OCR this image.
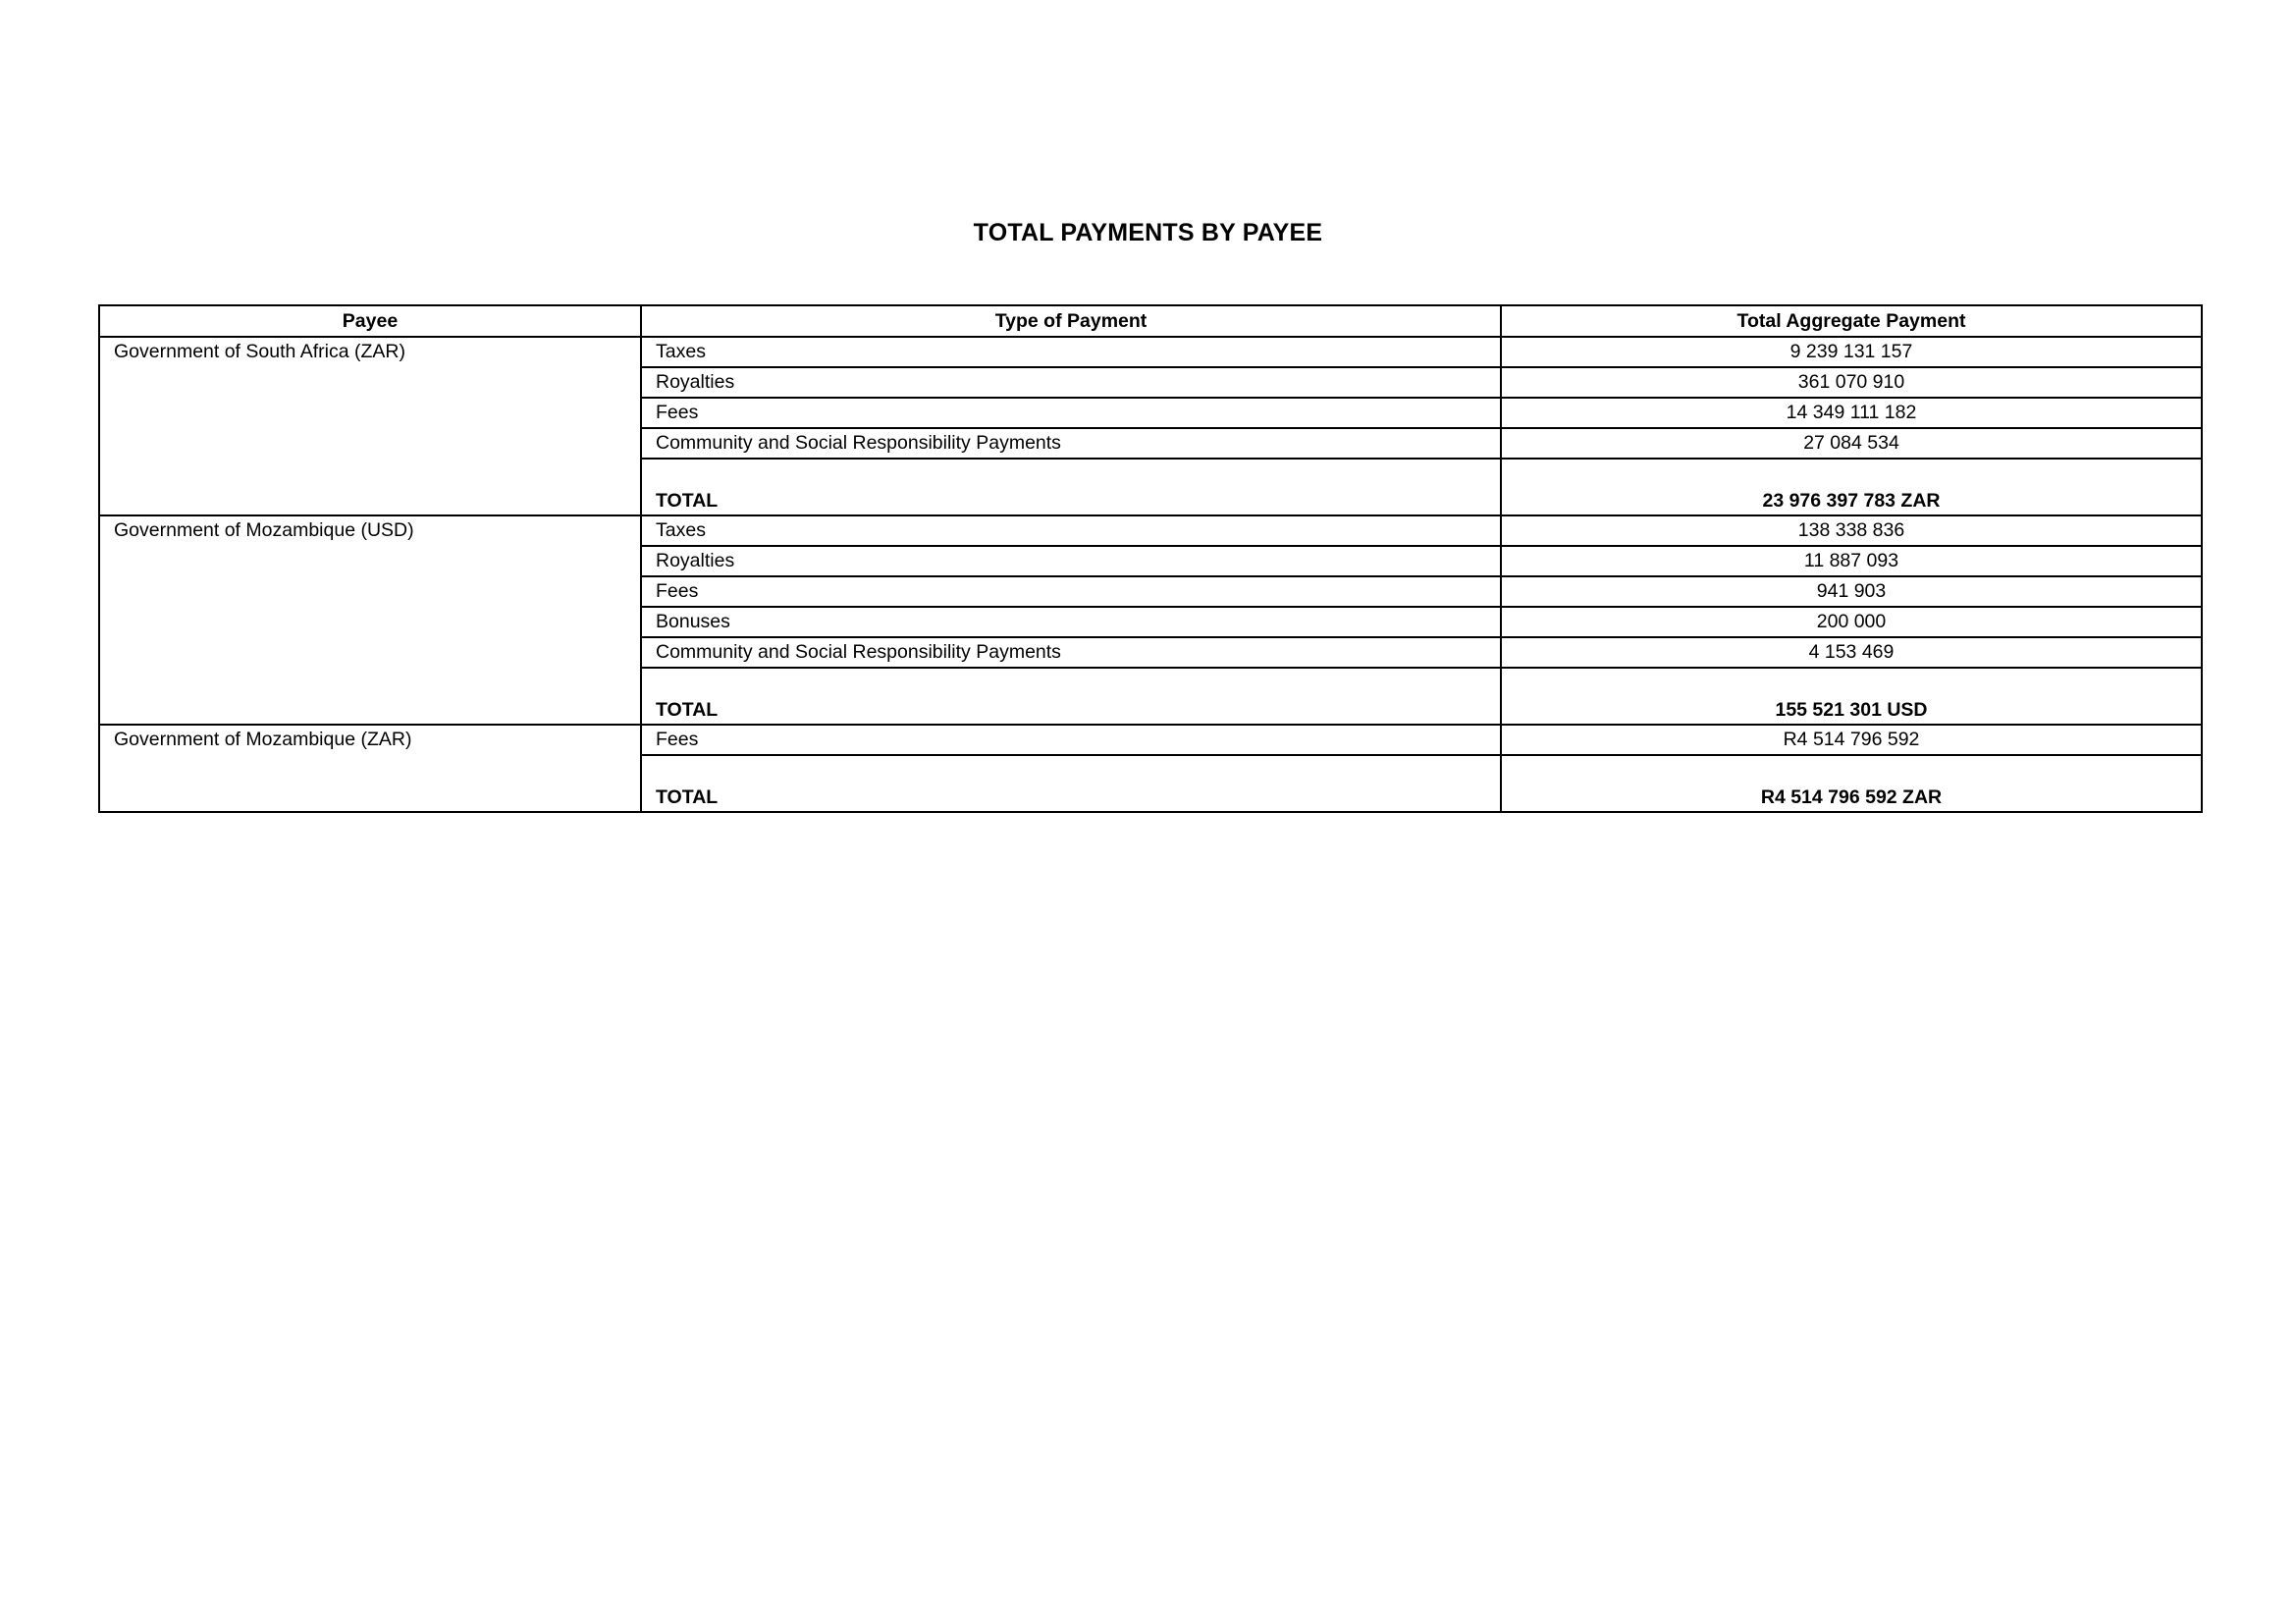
TOTAL PAYMENTS BY PAYEE
Payee	Type of Payment	Total Aggregate Payment
Government of South Africa (ZAR)	Taxes	9 239 131 157
	Royalties	361 070 910
	Fees	14 349 111 182
	Community and Social Responsibility Payments	27 084 534
	TOTAL	23 976 397 783 ZAR
Government of Mozambique (USD)	Taxes	138 338 836
	Royalties	11 887 093
	Fees	941 903
	Bonuses	200 000
	Community and Social Responsibility Payments	4 153 469
	TOTAL	155 521 301 USD
Government of Mozambique (ZAR)	Fees	R4 514 796 592
	TOTAL	R4 514 796 592 ZAR
